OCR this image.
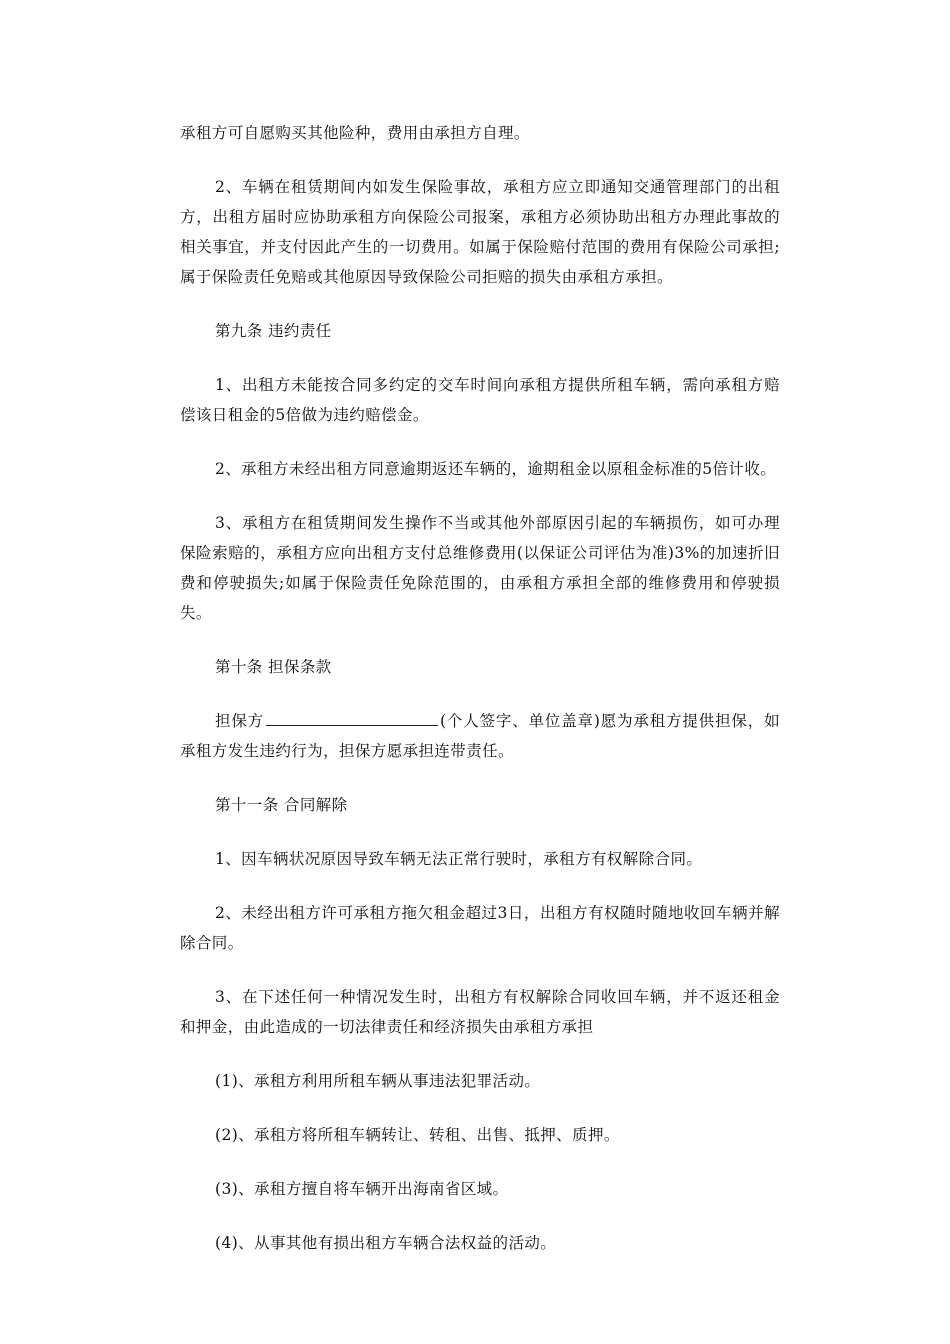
承租方可自愿购买其他险种，费用由承担方自理。

2、车辆在租赁期间内如发生保险事故，承租方应立即通知交通管理部门的出租方，出租方届时应协助承租方向保险公司报案，承租方必须协助出租方办理此事故的相关事宜，并支付因此产生的一切费用。如属于保险赔付范围的费用有保险公司承担;属于保险责任免赔或其他原因导致保险公司拒赔的损失由承租方承担。

第九条 违约责任

1、出租方未能按合同多约定的交车时间向承租方提供所租车辆，需向承租方赔偿该日租金的5倍做为违约赔偿金。

2、承租方未经出租方同意逾期返还车辆的，逾期租金以原租金标准的5倍计收。

3、承租方在租赁期间发生操作不当或其他外部原因引起的车辆损伤，如可办理保险索赔的，承租方应向出租方支付总维修费用(以保证公司评估为准)3%的加速折旧费和停驶损失;如属于保险责任免除范围的，由承租方承担全部的维修费用和停驶损失。

第十条 担保条款

担保方	(个人签字、单位盖章)愿为承租方提供担保，如承租方发生违约行为，担保方愿承担连带责任。

第十一条 合同解除

1、因车辆状况原因导致车辆无法正常行驶时，承租方有权解除合同。

2、未经出租方许可承租方拖欠租金超过3日，出租方有权随时随地收回车辆并解除合同。

3、在下述任何一种情况发生时，出租方有权解除合同收回车辆，并不返还租金和押金，由此造成的一切法律责任和经济损失由承租方承担

(1)、承租方利用所租车辆从事违法犯罪活动。

(2)、承租方将所租车辆转让、转租、出售、抵押、质押。

(3)、承租方擅自将车辆开出海南省区域。

(4)、从事其他有损出租方车辆合法权益的活动。
